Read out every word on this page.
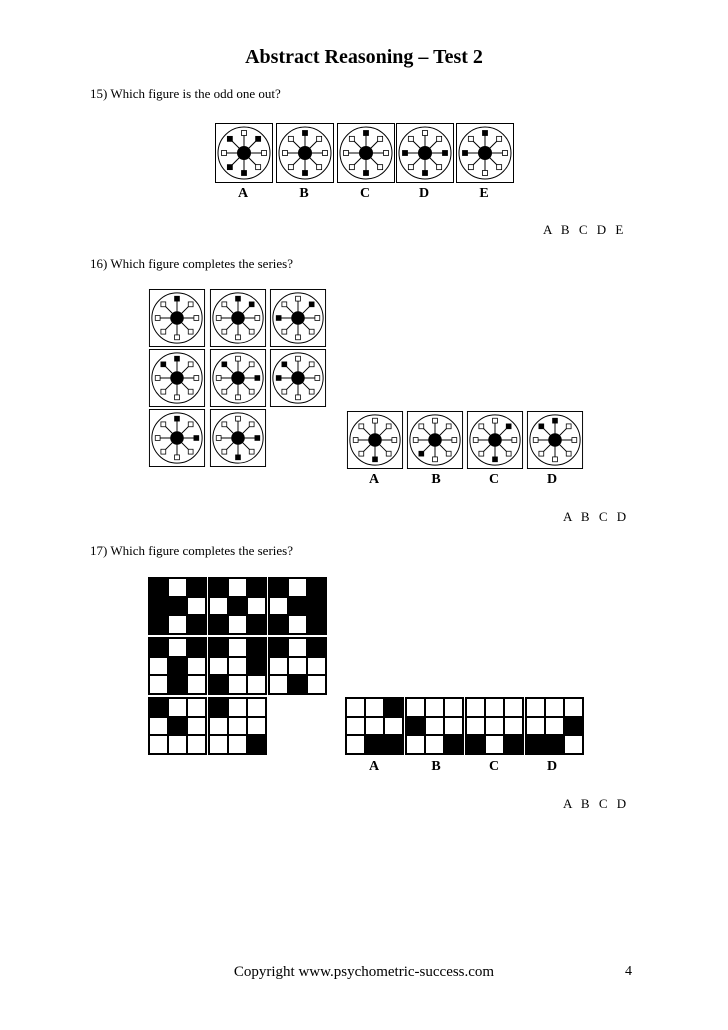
Abstract Reasoning – Test 2
15) Which figure is the odd one out?
A	B	C	D	E
A B C D E
16) Which figure completes the series?
A	B	C	D
A B C D
17) Which figure completes the series?
A	B	C	D
A B C D
Copyright www.psychometric-success.com	4
